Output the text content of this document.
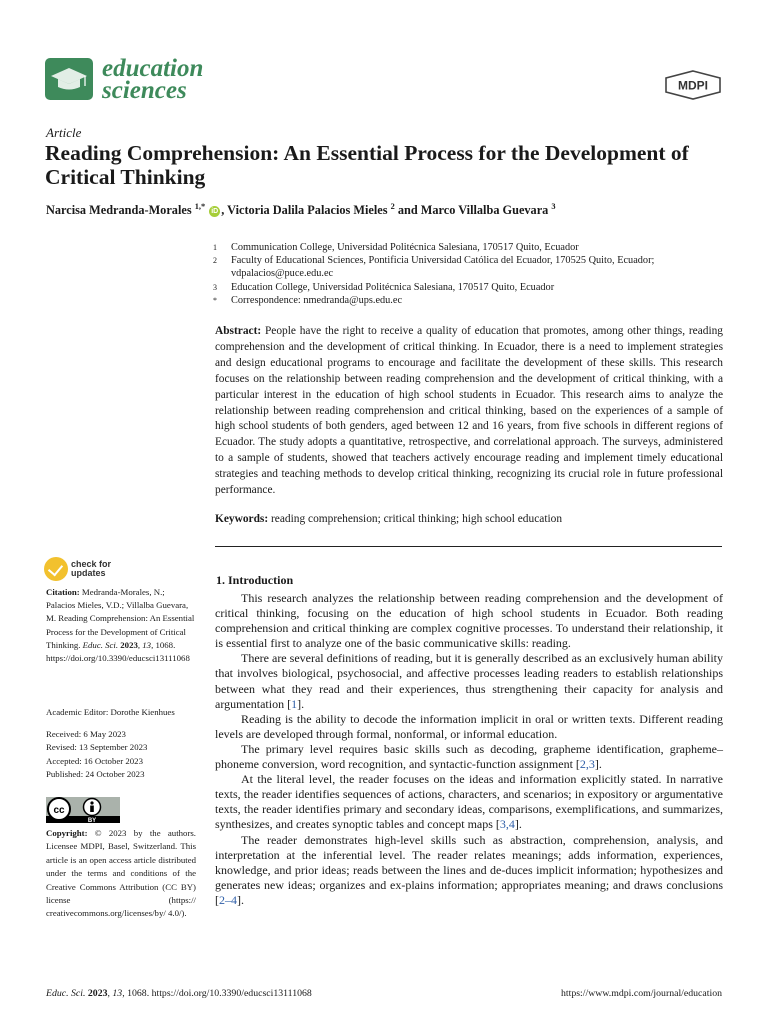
education
sciences	MDPI
Article
Reading Comprehension: An Essential Process for the Development of Critical Thinking
Narcisa Medranda-Morales $^{1,*}$ iD , Victoria Dalila Palacios Mieles $^2$ and Marco Villalba Guevara $^3$
1	Communication College, Universidad Politécnica Salesiana, 170517 Quito, Ecuador
2	Faculty of Educational Sciences, Pontificia Universidad Católica del Ecuador, 170525 Quito, Ecuador; vdpalacios@puce.edu.ec
3	Education College, Universidad Politécnica Salesiana, 170517 Quito, Ecuador
*	Correspondence: nmedranda@ups.edu.ec
Abstract: People have the right to receive a quality of education that promotes, among other things, reading comprehension and the development of critical thinking. In Ecuador, there is a need to implement strategies and design educational programs to encourage and facilitate the development of these skills. This research focuses on the relationship between reading comprehension and the development of critical thinking, with a particular interest in the education of high school students in Ecuador. This research aims to analyze the relationship between reading comprehension and critical thinking, based on the experiences of a sample of high school students of both genders, aged between 12 and 16 years, from five schools in different regions of Ecuador. The study adopts a quantitative, retrospective, and correlational approach. The surveys, administered to a sample of students, showed that teachers actively encourage reading and implement timely educational strategies and teaching methods to develop critical thinking, recognizing its crucial role in future professional performance.
Keywords: reading comprehension; critical thinking; high school education
check for
updates
Citation: Medranda-Morales, N.; Palacios Mieles, V.D.; Villalba Guevara, M. Reading Comprehension: An Essential Process for the Development of Critical Thinking. Educ. Sci. 2023, 13, 1068. https://doi.org/10.3390/educsci13111068
Academic Editor: Dorothe Kienhues
Received: 6 May 2023
Revised: 13 September 2023
Accepted: 16 October 2023
Published: 24 October 2023
cc
BY
Copyright: © 2023 by the authors. Licensee MDPI, Basel, Switzerland. This article is an open access article distributed under the terms and conditions of the Creative Commons Attribution (CC BY) license (https:// creativecommons.org/licenses/by/ 4.0/).
1. Introduction

This research analyzes the relationship between reading comprehension and the development of critical thinking, focusing on the education of high school students in Ecuador. Both reading comprehension and critical thinking are complex cognitive processes. To understand their relationship, it is essential first to analyze one of the basic communicative skills: reading.

There are several definitions of reading, but it is generally described as an exclusively human ability that involves biological, psychosocial, and affective processes leading readers to establish relationships between what they read and their experiences, thus strengthening their capacity for analysis and argumentation [1].

Reading is the ability to decode the information implicit in oral or written texts. Different reading levels are developed through formal, nonformal, or informal education.

The primary level requires basic skills such as decoding, grapheme identification, grapheme–phoneme conversion, word recognition, and syntactic-function assignment [2,3].

At the literal level, the reader focuses on the ideas and information explicitly stated. In narrative texts, the reader identifies sequences of actions, characters, and scenarios; in expository or argumentative texts, the reader identifies primary and secondary ideas, comparisons, exemplifications, and summarizes, synthesizes, and creates synoptic tables and concept maps [3,4].

The reader demonstrates high-level skills such as abstraction, comprehension, analysis, and interpretation at the inferential level. The reader relates meanings; adds information, experiences, knowledge, and prior ideas; reads between the lines and de-duces implicit information; hypothesizes and generates new ideas; organizes and ex-plains information; appropriates meaning; and draws conclusions [2–4].

Educ. Sci. 2023, 13, 1068. https://doi.org/10.3390/educsci13111068	https://www.mdpi.com/journal/education
